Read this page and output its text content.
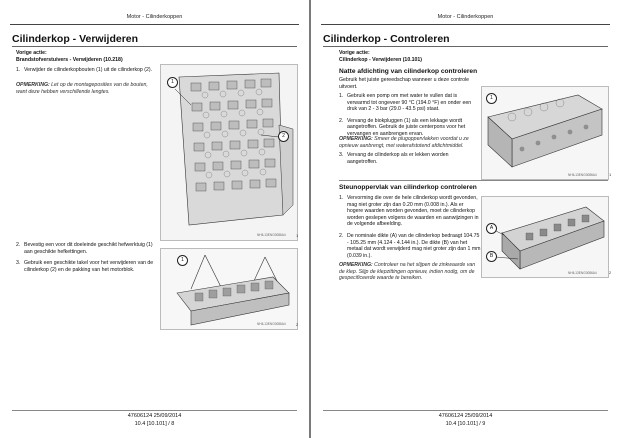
Motor - Cilinderkoppen
Cilinderkop - Verwijderen
Vorige actie:
Brandstofverstuivers - Verwijderen (10.218)
1. Verwijder de cilinderkopbouten (1) uit de cilinderkop (2).
OPMERKING: Let op de montageposities van de bouten, want deze hebben verschillende lengtes.
1
2
NHIL13ENG0086A4	1
2. Bevestig een voor dit doeleinde geschikt hefwerktuig (1) aan geschikte hefkettingen.
3. Gebruik een geschikte takel voor het verwijderen van de cilinderkop (2) en de pakking van het motorblok.
1
NHIL13ENG0086A4	2
47606124 25/09/2014
10.4 [10.101] / 8
Motor - Cilinderkoppen
Cilinderkop - Controleren
Vorige actie:
Cilinderkop - Verwijderen (10.101)
Natte afdichting van cilinderkop controleren
Gebruik het juiste gereedschap wanneer u deze controle uitvoert.
1. Gebruik een pomp om met water te vullen dat is verwarmd tot ongeveer 90 °C (194.0 °F) en onder een druk van 2 - 3 bar (29.0 - 43.5 psi) staat.
2. Vervang de biokpluggen (1) als een lekkage wordt aangetroffen. Gebruik de juiste centerpons voor het vervangen en aanbrengen ervan.
OPMERKING: Smeer de plugoppervlakken voordat u ze opnieuw aanbrengt, met waterafstotend afdichtmiddel.
3. Vervang de cilinderkop als er lekken worden aangetroffen.
1
NHIL13ENG0086A4	1
Steunoppervlak van cilinderkop controleren
1. Vervorming die over de hele cilinderkop wordt gevonden, mag niet groter zijn dan 0.20 mm (0.008 in.). Als er hogere waarden worden gevonden, moet de cilinderkop worden geslepen volgens de waarden en aanwijzingen in de volgende afbeelding.
2. De nominale dikte (A) van de cilinderkop bedraagt 104.75 - 105.25 mm (4.124 - 4.144 in.). De dikte (B) van het metaal dat wordt verwijderd mag niet groter zijn dan 1 mm (0.039 in.).
OPMERKING: Controleer na het slijpen de zinkwaarde van de klep. Slijp de klepzittingen opnieuw, indien nodig, om de gespecificeerde waarde te bereiken.
A
B
NHIL13ENG0086A4	2
47606124 25/09/2014
10.4 [10.101] / 9
